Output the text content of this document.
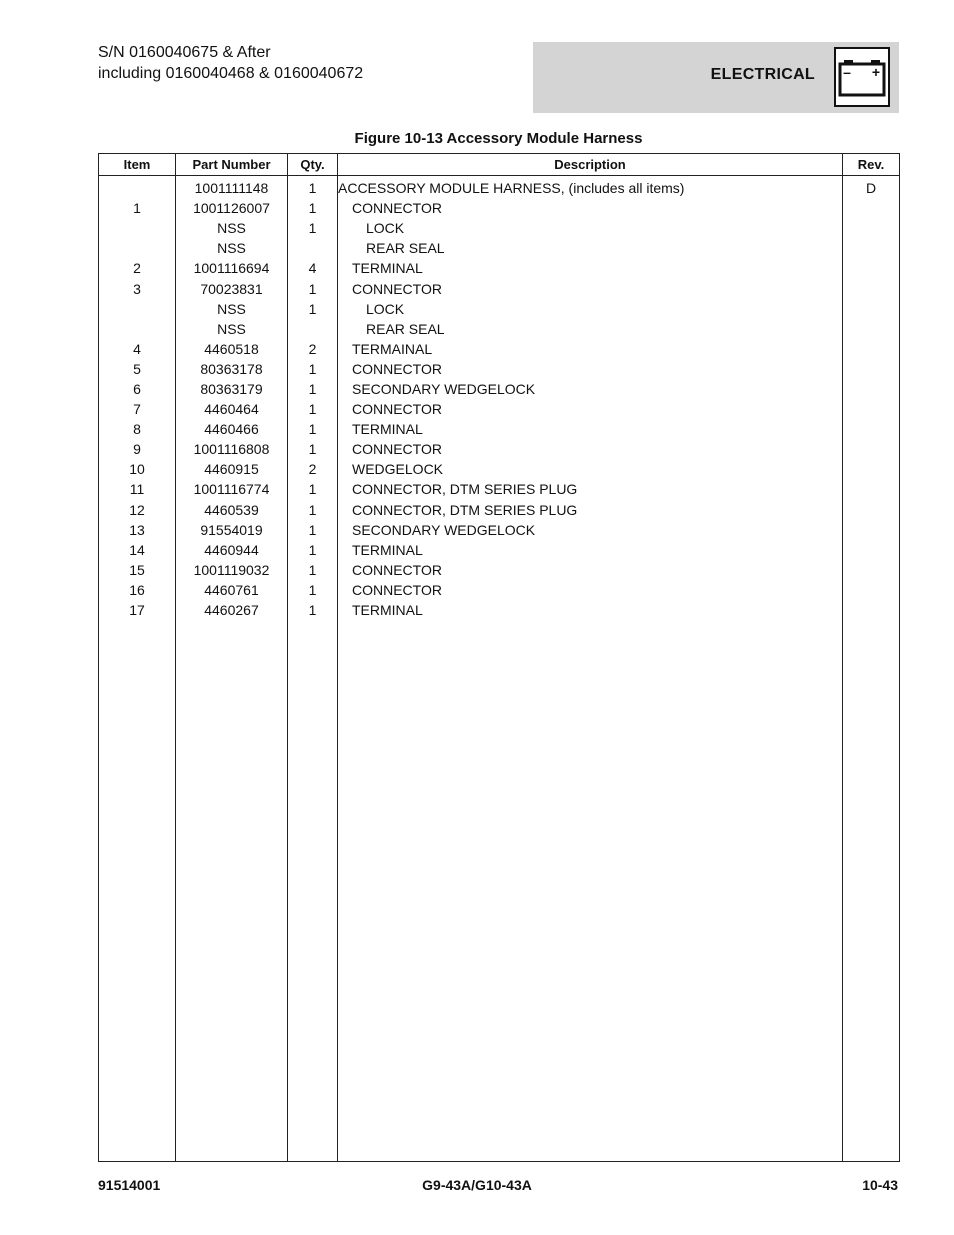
S/N 0160040675 & After
including 0160040468 & 0160040672	ELECTRICAL – +
Figure 10-13 Accessory Module Harness
Item	Part Number	Qty.	Description	Rev.
	1001111148	1	ACCESSORY MODULE HARNESS, (includes all items)	D
1	1001126007	1	CONNECTOR	
	NSS	1	LOCK	
	NSS		REAR SEAL	
2	1001116694	4	TERMINAL	
3	70023831	1	CONNECTOR	
	NSS	1	LOCK	
	NSS		REAR SEAL	
4	4460518	2	TERMAINAL	
5	80363178	1	CONNECTOR	
6	80363179	1	SECONDARY WEDGELOCK	
7	4460464	1	CONNECTOR	
8	4460466	1	TERMINAL	
9	1001116808	1	CONNECTOR	
10	4460915	2	WEDGELOCK	
11	1001116774	1	CONNECTOR, DTM SERIES PLUG	
12	4460539	1	CONNECTOR, DTM SERIES PLUG	
13	91554019	1	SECONDARY WEDGELOCK	
14	4460944	1	TERMINAL	
15	1001119032	1	CONNECTOR	
16	4460761	1	CONNECTOR	
17	4460267	1	TERMINAL	

91514001	G9-43A/G10-43A	10-43
